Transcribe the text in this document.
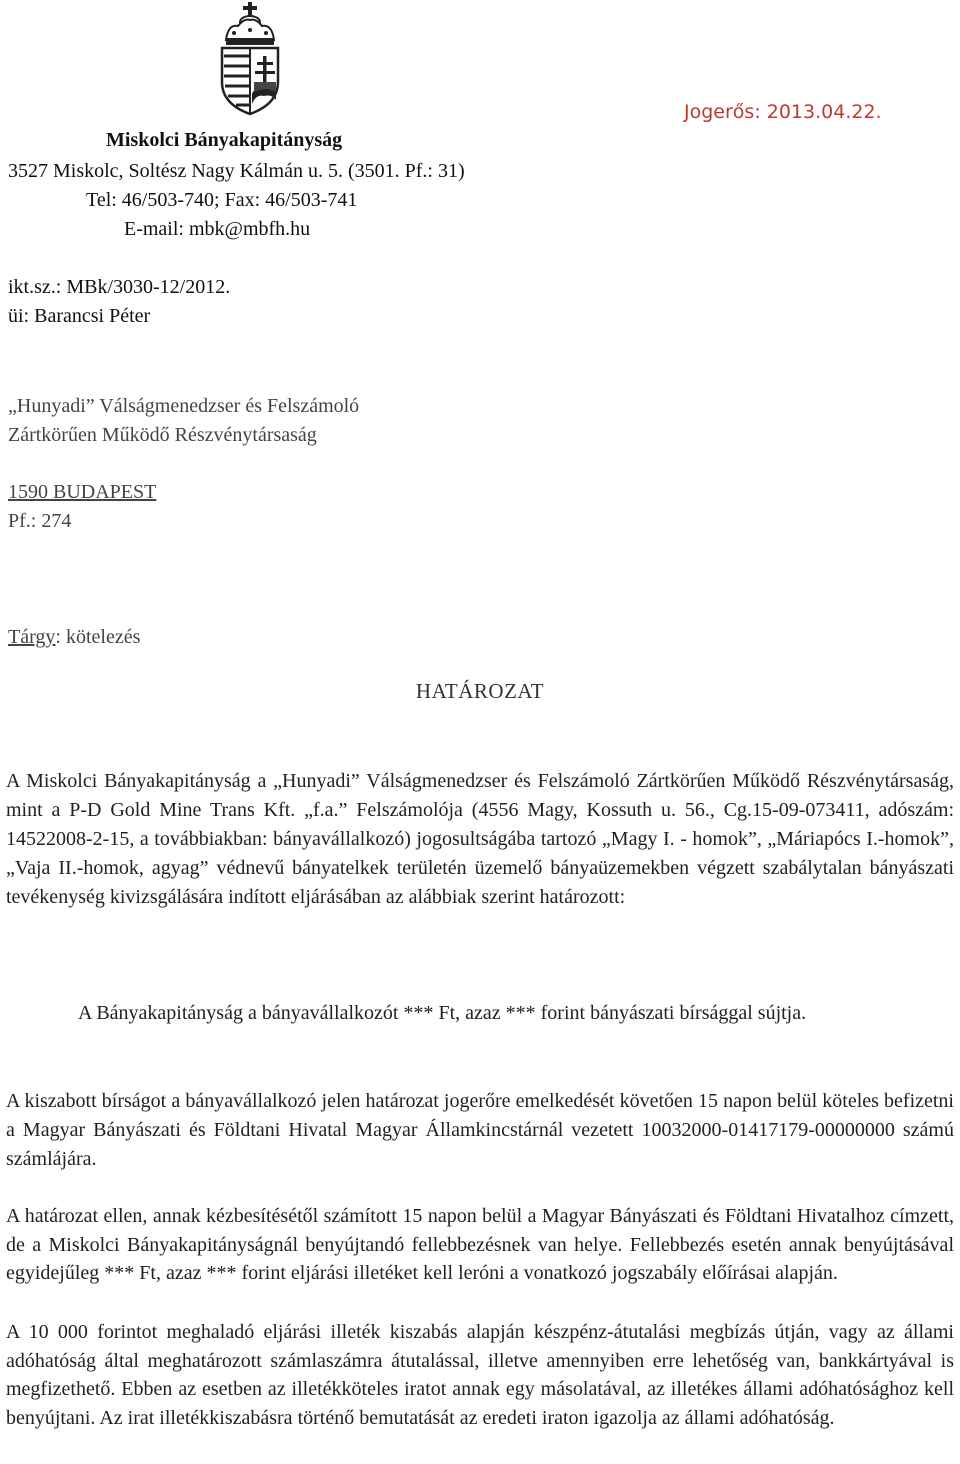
Miskolci Bányakapitányság
3527 Miskolc, Soltész Nagy Kálmán u. 5. (3501. Pf.: 31)
Tel: 46/503-740; Fax: 46/503-741
E-mail: mbk@mbfh.hu
Jogerős: 2013.04.22.
ikt.sz.: MBk/3030-12/2012.
üi: Barancsi Péter
„Hunyadi” Válságmenedzser és Felszámoló
Zártkörűen Működő Részvénytársaság
1590 BUDAPEST
Pf.: 274
Tárgy: kötelezés
HATÁROZAT
A Miskolci Bányakapitányság a „Hunyadi” Válságmenedzser és Felszámoló Zártkörűen Működő Részvénytársaság, mint a P-D Gold Mine Trans Kft. „f.a.” Felszámolója (4556 Magy, Kossuth u. 56., Cg.15-09-073411, adószám: 14522008-2-15, a továbbiakban: bányavállalkozó) jogosultságába tartozó „Magy I. - homok”, „Máriapócs I.-homok”, „Vaja II.-homok, agyag” védnevű bányatelkek területén üzemelő bányaüzemekben végzett szabálytalan bányászati tevékenység kivizsgálására indított eljárásában az alábbiak szerint határozott:
A Bányakapitányság a bányavállalkozót *** Ft, azaz *** forint bányászati bírsággal sújtja.
A kiszabott bírságot a bányavállalkozó jelen határozat jogerőre emelkedését követően 15 napon belül köteles befizetni a Magyar Bányászati és Földtani Hivatal Magyar Államkincstárnál vezetett 10032000-01417179-00000000 számú számlájára.
A határozat ellen, annak kézbesítésétől számított 15 napon belül a Magyar Bányászati és Földtani Hivatalhoz címzett, de a Miskolci Bányakapitányságnál benyújtandó fellebbezésnek van helye. Fellebbezés esetén annak benyújtásával egyidejűleg *** Ft, azaz *** forint eljárási illetéket kell leróni a vonatkozó jogszabály előírásai alapján.
A 10 000 forintot meghaladó eljárási illeték kiszabás alapján készpénz-átutalási megbízás útján, vagy az állami adóhatóság által meghatározott számlaszámra átutalással, illetve amennyiben erre lehetőség van, bankkártyával is megfizethető. Ebben az esetben az illetékköteles iratot annak egy másolatával, az illetékes állami adóhatósághoz kell benyújtani. Az irat illetékkiszabásra történő bemutatását az eredeti iraton igazolja az állami adóhatóság.
